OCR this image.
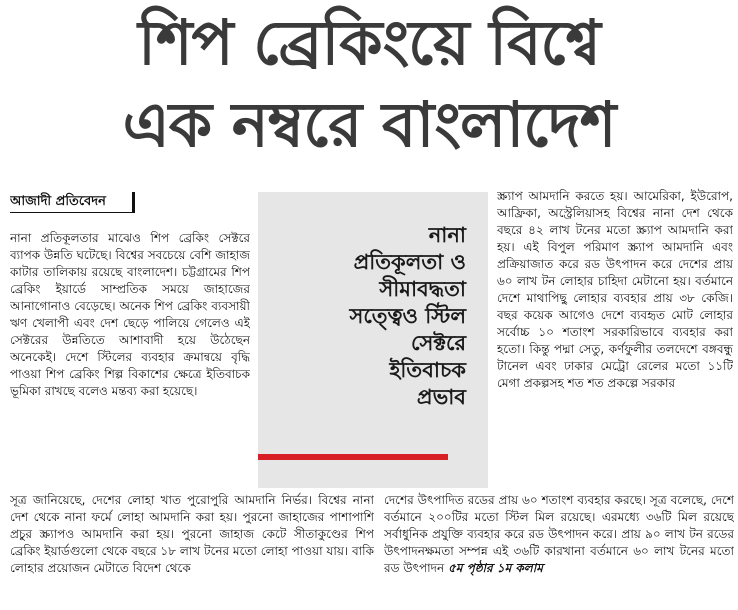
শিপ ব্রেকিংয়ে বিশ্বে
এক নম্বরে বাংলাদেশ
আজাদী প্রতিবেদন

নানা প্রতিকূলতার মাঝেও শিপ ব্রেকিং সেক্টরে ব্যাপক উন্নতি ঘটেছে। বিশ্বের সবচেয়ে বেশি জাহাজ কাটার তালিকায় রয়েছে বাংলাদেশ। চট্টগ্রামের শিপ ব্রেকিং ইয়ার্ডে সাম্প্রতিক সময়ে জাহাজের আনাগোনাও বেড়েছে। অনেক শিপ ব্রেকিং ব্যবসায়ী ঋণ খেলাপী এবং দেশ ছেড়ে পালিয়ে গেলেও এই সেক্টরের উন্নতিতে আশাবাদী হয়ে উঠেছেন অনেকেই। দেশে স্টিলের ব্যবহার ক্রমান্বয়ে বৃদ্ধি পাওয়া শিপ ব্রেকিং শিল্প বিকাশের ক্ষেত্রে ইতিবাচক ভূমিকা রাখছে বলেও মন্তব্য করা হয়েছে।

নানা
প্রতিকূলতা ও
সীমাবদ্ধতা
সত্ত্বেও স্টিল
সেক্টরে
ইতিবাচক
প্রভাব

স্ক্র্যাপ আমদানি করতে হয়। আমেরিকা, ইউরোপ, আফ্রিকা, অস্ট্রেলিয়াসহ বিশ্বের নানা দেশ থেকে বছরে ৪২ লাখ টনের মতো স্ক্র্যাপ আমদানি করা হয়। এই বিপুল পরিমাণ স্ক্র্যাপ আমদানি এবং প্রক্রিয়াজাত করে রড উৎপাদন করে দেশের প্রায় ৬০ লাখ টন লোহার চাহিদা মেটানো হয়। বর্তমানে দেশে মাথাপিছু লোহার ব্যবহার প্রায় ৩৮ কেজি। বছর কয়েক আগেও দেশে ব্যবহৃত মোট লোহার সর্বোচ্চ ১০ শতাংশ সরকারিভাবে ব্যবহার করা হতো। কিন্তু পদ্মা সেতু, কর্ণফুলীর তলদেশে বঙ্গবন্ধু টানেল এবং ঢাকার মেট্রো রেলের মতো ১১টি মেগা প্রকল্পসহ শত শত প্রকল্পে সরকার

সূত্র জানিয়েছে, দেশের লোহা খাত পুরোপুরি আমদানি নির্ভর। বিশ্বের নানা দেশ থেকে নানা ফর্মে লোহা আমদানি করা হয়। পুরনো জাহাজের পাশাপাশি প্রচুর স্ক্র্যাপও আমদানি করা হয়। পুরনো জাহাজ কেটে সীতাকুণ্ডের শিপ ব্রেকিং ইয়ার্ডগুলো থেকে বছরে ১৮ লাখ টনের মতো লোহা পাওয়া যায়। বাকি লোহার প্রয়োজন মেটাতে বিদেশ থেকে

দেশের উৎপাদিত রডের প্রায় ৬০ শতাংশ ব্যবহার করছে। সূত্র বলেছে, দেশে বর্তমানে ২০০টির মতো স্টিল মিল রয়েছে। এরমধ্যে ৩৬টি মিল রয়েছে সর্বাধুনিক প্রযুক্তি ব্যবহার করে রড উৎপাদন করে। প্রায় ৯০ লাখ টন রডের উৎপাদনক্ষমতা সম্পন্ন এই ৩৬টি কারখানা বর্তমানে ৬০ লাখ টনের মতো রড উৎপাদন ৫ম পৃষ্ঠার ১ম কলাম
